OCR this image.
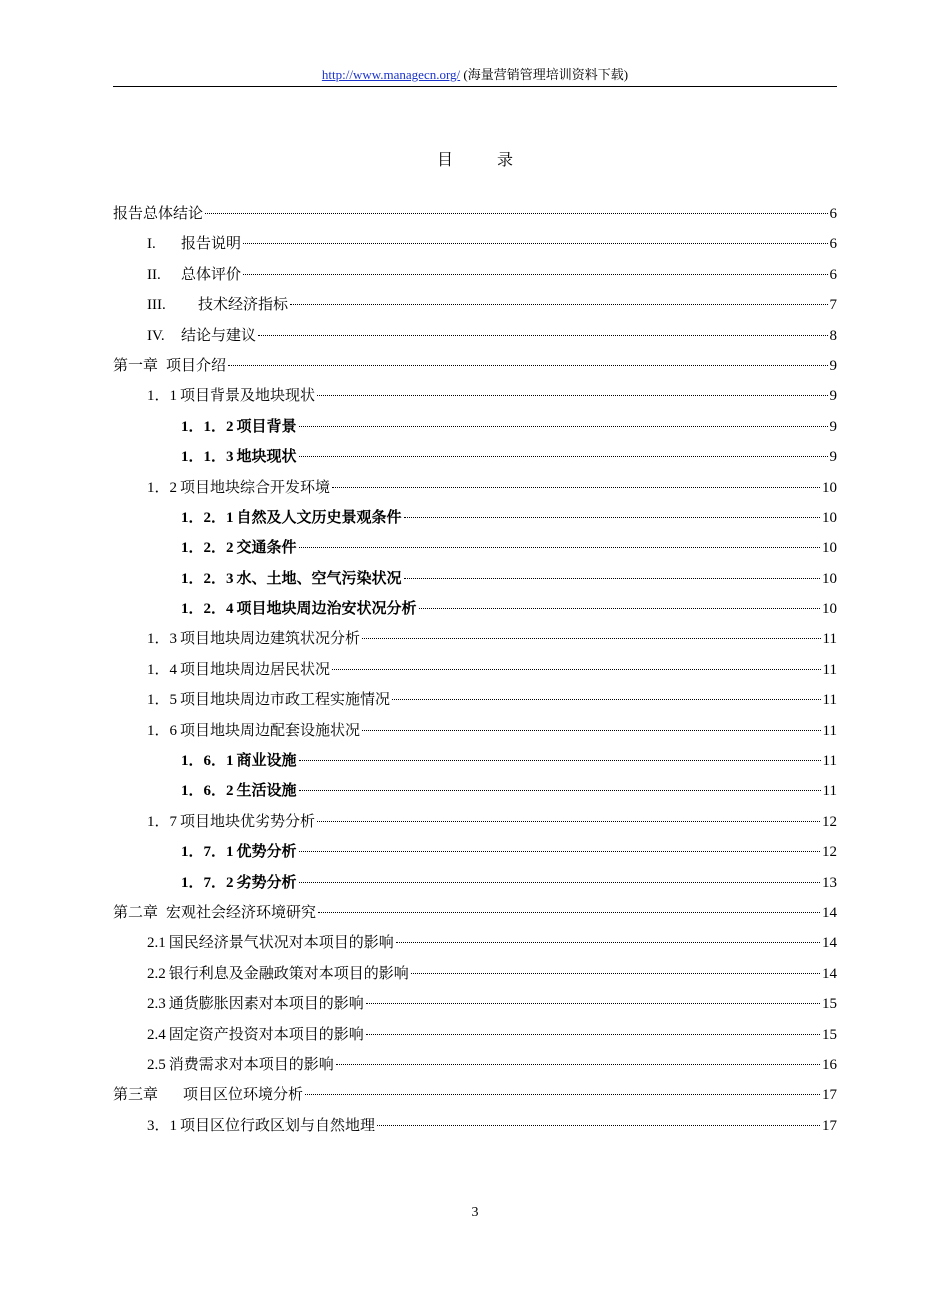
http://www.managecn.org/ (海量营销管理培训资料下载)
目　录
报告总体结论	6
I.	报告说明	6
II.	总体评价	6
III.	技术经济指标	7
IV.	结论与建议	8
第一章 项目介绍	9
1．1 项目背景及地块现状	9
1．1．2 项目背景	9
1．1．3 地块现状	9
1．2 项目地块综合开发环境	10
1．2．1 自然及人文历史景观条件	10
1．2．2 交通条件	10
1．2．3 水、土地、空气污染状况	10
1．2．4 项目地块周边治安状况分析	10
1．3 项目地块周边建筑状况分析	11
1．4 项目地块周边居民状况	11
1．5 项目地块周边市政工程实施情况	11
1．6 项目地块周边配套设施状况	11
1．6．1 商业设施	11
1．6．2 生活设施	11
1．7 项目地块优劣势分析	12
1．7．1 优势分析	12
1．7．2 劣势分析	13
第二章 宏观社会经济环境研究	14
2.1 国民经济景气状况对本项目的影响	14
2.2 银行利息及金融政策对本项目的影响	14
2.3 通货膨胀因素对本项目的影响	15
2.4 固定资产投资对本项目的影响	15
2.5 消费需求对本项目的影响	16
第三章 项目区位环境分析	17
3．1 项目区位行政区划与自然地理	17
3
